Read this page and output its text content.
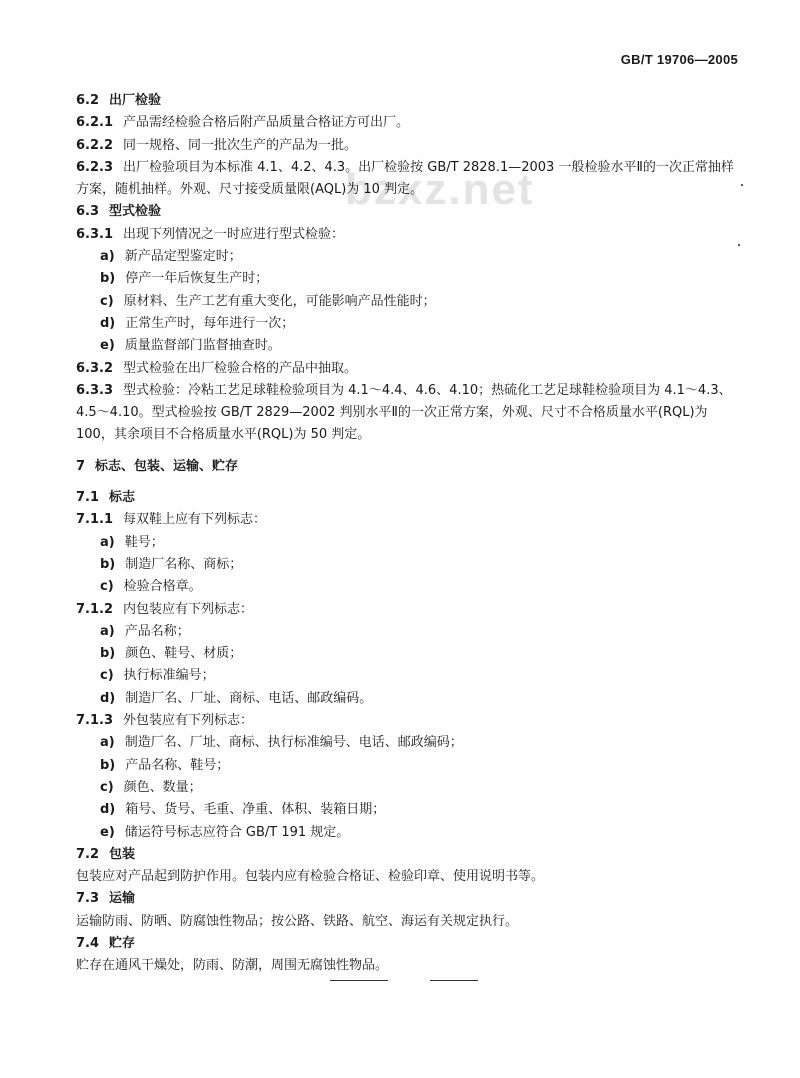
GB/T 19706—2005
bzxz.net
6.2 出厂检验
6.2.1 产品需经检验合格后附产品质量合格证方可出厂。
6.2.2 同一规格、同一批次生产的产品为一批。
6.2.3 出厂检验项目为本标准 4.1、4.2、4.3。出厂检验按 GB/T 2828.1—2003 一般检验水平Ⅱ的一次正常抽样方案，随机抽样。外观、尺寸接受质量限(AQL)为 10 判定。
6.3 型式检验
6.3.1 出现下列情况之一时应进行型式检验：
a) 新产品定型鉴定时；
b) 停产一年后恢复生产时；
c) 原材料、生产工艺有重大变化，可能影响产品性能时；
d) 正常生产时，每年进行一次；
e) 质量监督部门监督抽查时。
6.3.2 型式检验在出厂检验合格的产品中抽取。
6.3.3 型式检验：冷粘工艺足球鞋检验项目为 4.1～4.4、4.6、4.10；热硫化工艺足球鞋检验项目为 4.1～4.3、4.5～4.10。型式检验按 GB/T 2829—2002 判别水平Ⅱ的一次正常方案，外观、尺寸不合格质量水平(RQL)为 100，其余项目不合格质量水平(RQL)为 50 判定。
7 标志、包装、运输、贮存
7.1 标志
7.1.1 每双鞋上应有下列标志：
a) 鞋号；
b) 制造厂名称、商标；
c) 检验合格章。
7.1.2 内包装应有下列标志：
a) 产品名称；
b) 颜色、鞋号、材质；
c) 执行标准编号；
d) 制造厂名、厂址、商标、电话、邮政编码。
7.1.3 外包装应有下列标志：
a) 制造厂名、厂址、商标、执行标准编号、电话、邮政编码；
b) 产品名称、鞋号；
c) 颜色、数量；
d) 箱号、货号、毛重、净重、体积、装箱日期；
e) 储运符号标志应符合 GB/T 191 规定。
7.2 包装
包装应对产品起到防护作用。包装内应有检验合格证、检验印章、使用说明书等。
7.3 运输
运输防雨、防晒、防腐蚀性物品；按公路、铁路、航空、海运有关规定执行。
7.4 贮存
贮存在通风干燥处，防雨、防潮，周围无腐蚀性物品。
